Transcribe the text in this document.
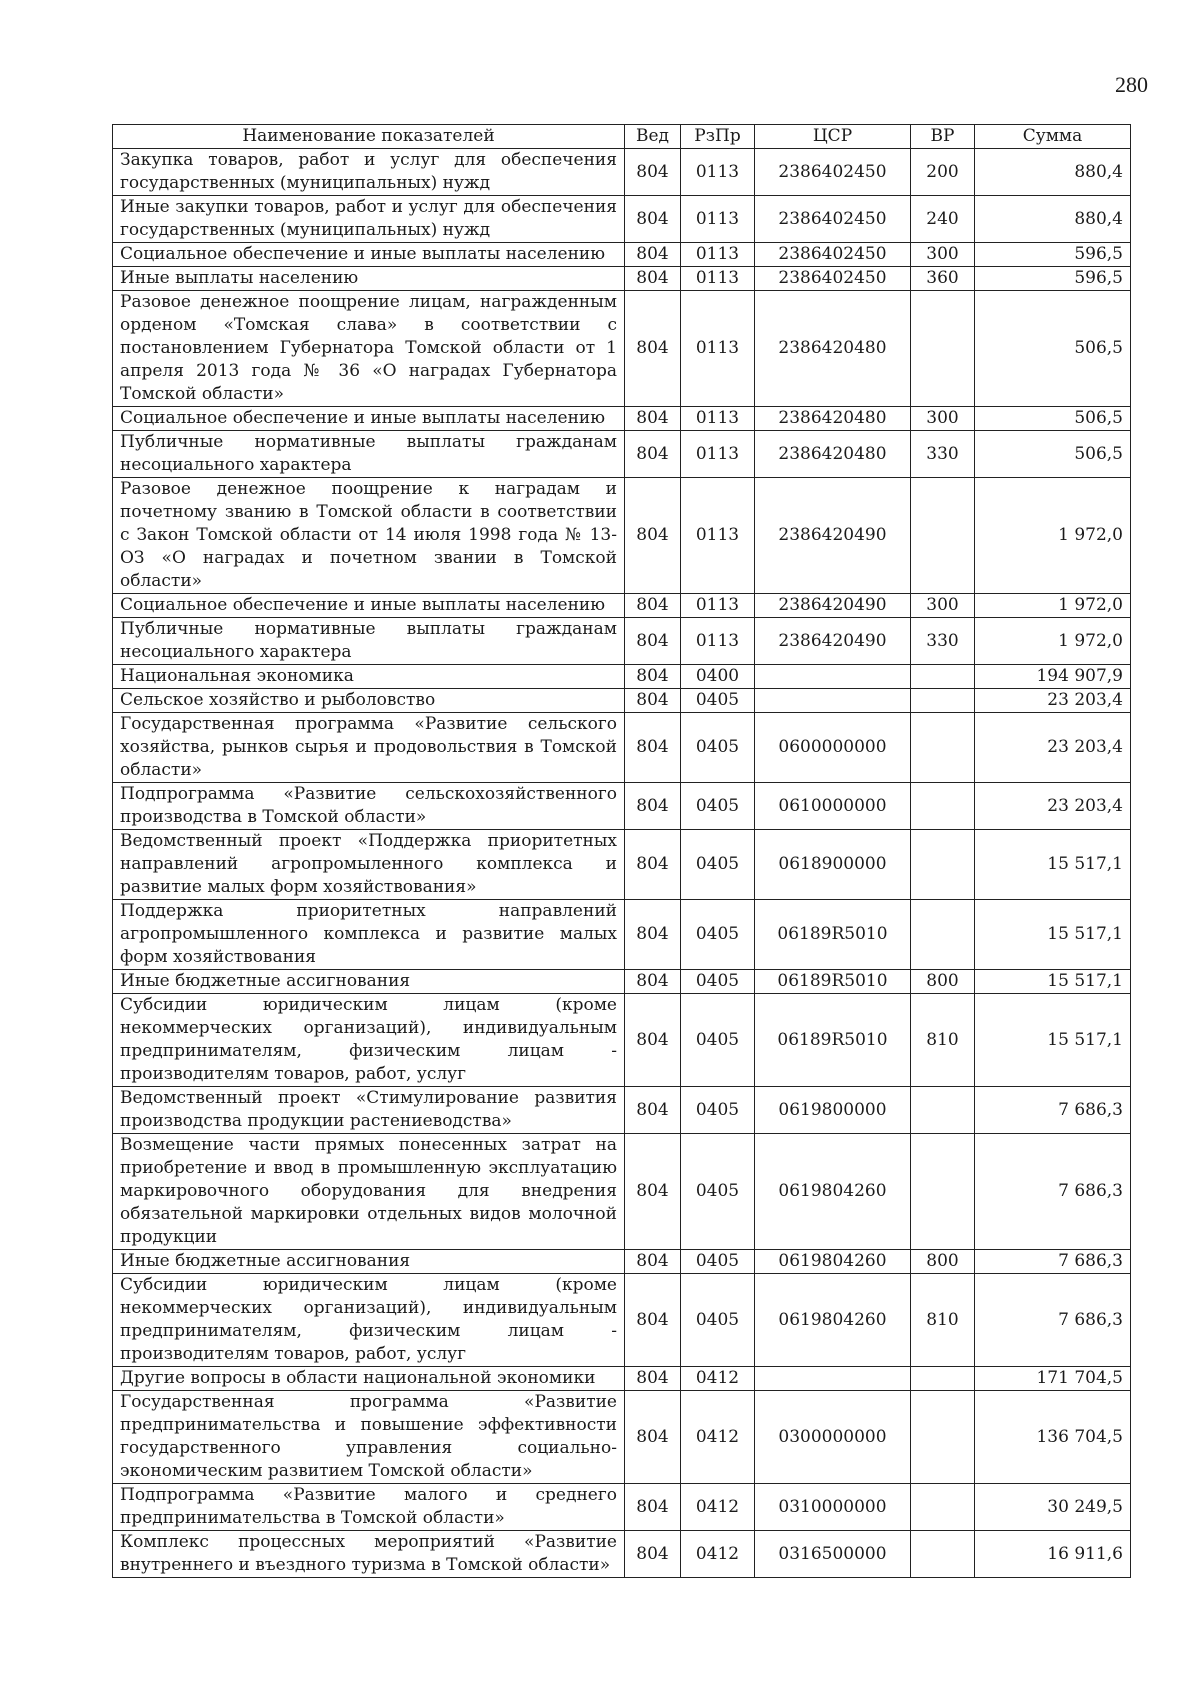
280
Наименование показателей	Вед	РзПр	ЦСР	ВР	Сумма
Закупка товаров, работ и услуг для обеспечения государственных (муниципальных) нужд	804	0113	2386402450	200	880,4
Иные закупки товаров, работ и услуг для обеспечения государственных (муниципальных) нужд	804	0113	2386402450	240	880,4
Социальное обеспечение и иные выплаты населению	804	0113	2386402450	300	596,5
Иные выплаты населению	804	0113	2386402450	360	596,5
Разовое денежное поощрение лицам, награжденным орденом «Томская слава» в соответствии с постановлением Губернатора Томской области от 1 апреля 2013 года № 36 «О наградах Губернатора Томской области»	804	0113	2386420480		506,5
Социальное обеспечение и иные выплаты населению	804	0113	2386420480	300	506,5
Публичные нормативные выплаты гражданам несоциального характера	804	0113	2386420480	330	506,5
Разовое денежное поощрение к наградам и почетному званию в Томской области в соответствии с Закон Томской области от 14 июля 1998 года № 13-ОЗ «О наградах и почетном звании в Томской области»	804	0113	2386420490		1 972,0
Социальное обеспечение и иные выплаты населению	804	0113	2386420490	300	1 972,0
Публичные нормативные выплаты гражданам несоциального характера	804	0113	2386420490	330	1 972,0
Национальная экономика	804	0400			194 907,9
Сельское хозяйство и рыболовство	804	0405			23 203,4
Государственная программа «Развитие сельского хозяйства, рынков сырья и продовольствия в Томской области»	804	0405	0600000000		23 203,4
Подпрограмма «Развитие сельскохозяйственного производства в Томской области»	804	0405	0610000000		23 203,4
Ведомственный проект «Поддержка приоритетных направлений агропромыленного комплекса и развитие малых форм хозяйствования»	804	0405	0618900000		15 517,1
Поддержка приоритетных направлений агропромышленного комплекса и развитие малых форм хозяйствования	804	0405	06189R5010		15 517,1
Иные бюджетные ассигнования	804	0405	06189R5010	800	15 517,1
Субсидии юридическим лицам (кроме некоммерческих организаций), индивидуальным предпринимателям, физическим лицам - производителям товаров, работ, услуг	804	0405	06189R5010	810	15 517,1
Ведомственный проект «Стимулирование развития производства продукции растениеводства»	804	0405	0619800000		7 686,3
Возмещение части прямых понесенных затрат на приобретение и ввод в промышленную эксплуатацию маркировочного оборудования для внедрения обязательной маркировки отдельных видов молочной продукции	804	0405	0619804260		7 686,3
Иные бюджетные ассигнования	804	0405	0619804260	800	7 686,3
Субсидии юридическим лицам (кроме некоммерческих организаций), индивидуальным предпринимателям, физическим лицам - производителям товаров, работ, услуг	804	0405	0619804260	810	7 686,3
Другие вопросы в области национальной экономики	804	0412			171 704,5
Государственная программа «Развитие предпринимательства и повышение эффективности государственного управления социально-экономическим развитием Томской области»	804	0412	0300000000		136 704,5
Подпрограмма «Развитие малого и среднего предпринимательства в Томской области»	804	0412	0310000000		30 249,5
Комплекс процессных мероприятий «Развитие внутреннего и въездного туризма в Томской области»	804	0412	0316500000		16 911,6
